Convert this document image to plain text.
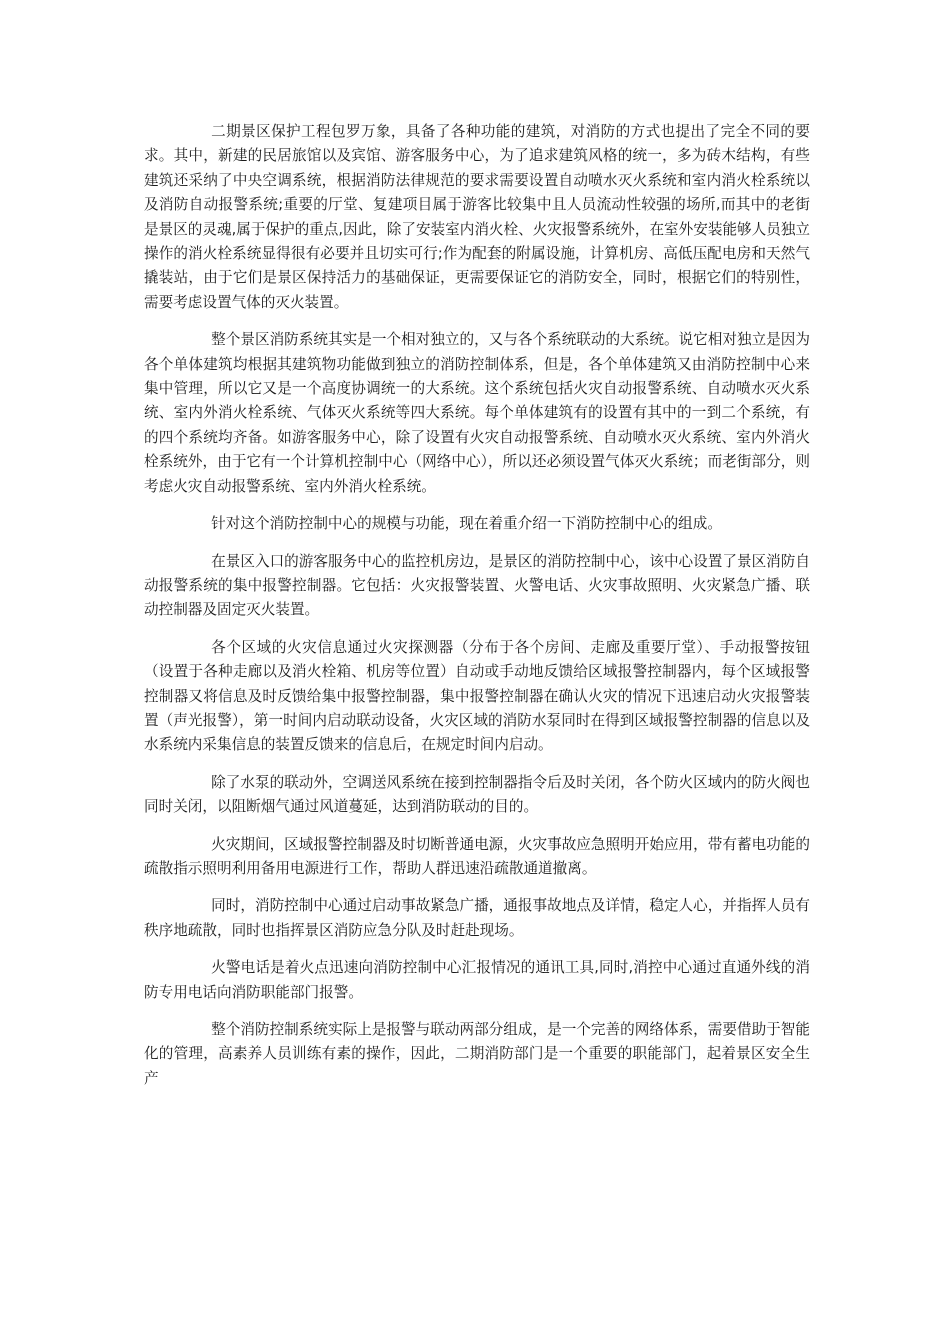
二期景区保护工程包罗万象，具备了各种功能的建筑，对消防的方式也提出了完全不同的要求。其中，新建的民居旅馆以及宾馆、游客服务中心，为了追求建筑风格的统一，多为砖木结构，有些建筑还采纳了中央空调系统，根据消防法律规范的要求需要设置自动喷水灭火系统和室内消火栓系统以及消防自动报警系统;重要的厅堂、复建项目属于游客比较集中且人员流动性较强的场所,而其中的老街是景区的灵魂,属于保护的重点,因此，除了安装室内消火栓、火灾报警系统外，在室外安装能够人员独立操作的消火栓系统显得很有必要并且切实可行;作为配套的附属设施，计算机房、高低压配电房和天然气撬装站，由于它们是景区保持活力的基础保证，更需要保证它的消防安全，同时，根据它们的特别性，需要考虑设置气体的灭火装置。

整个景区消防系统其实是一个相对独立的，又与各个系统联动的大系统。说它相对独立是因为各个单体建筑均根据其建筑物功能做到独立的消防控制体系，但是，各个单体建筑又由消防控制中心来集中管理，所以它又是一个高度协调统一的大系统。这个系统包括火灾自动报警系统、自动喷水灭火系统、室内外消火栓系统、气体灭火系统等四大系统。每个单体建筑有的设置有其中的一到二个系统，有的四个系统均齐备。如游客服务中心，除了设置有火灾自动报警系统、自动喷水灭火系统、室内外消火栓系统外，由于它有一个计算机控制中心（网络中心），所以还必须设置气体灭火系统；而老街部分，则考虑火灾自动报警系统、室内外消火栓系统。

针对这个消防控制中心的规模与功能，现在着重介绍一下消防控制中心的组成。

在景区入口的游客服务中心的监控机房边，是景区的消防控制中心，该中心设置了景区消防自动报警系统的集中报警控制器。它包括：火灾报警装置、火警电话、火灾事故照明、火灾紧急广播、联动控制器及固定灭火装置。

各个区域的火灾信息通过火灾探测器（分布于各个房间、走廊及重要厅堂）、手动报警按钮（设置于各种走廊以及消火栓箱、机房等位置）自动或手动地反馈给区域报警控制器内，每个区域报警控制器又将信息及时反馈给集中报警控制器，集中报警控制器在确认火灾的情况下迅速启动火灾报警装置（声光报警），第一时间内启动联动设备，火灾区域的消防水泵同时在得到区域报警控制器的信息以及水系统内采集信息的装置反馈来的信息后，在规定时间内启动。

除了水泵的联动外，空调送风系统在接到控制器指令后及时关闭，各个防火区域内的防火阀也同时关闭，以阻断烟气通过风道蔓延，达到消防联动的目的。

火灾期间，区域报警控制器及时切断普通电源，火灾事故应急照明开始应用，带有蓄电功能的疏散指示照明利用备用电源进行工作，帮助人群迅速沿疏散通道撤离。

同时，消防控制中心通过启动事故紧急广播，通报事故地点及详情，稳定人心，并指挥人员有秩序地疏散，同时也指挥景区消防应急分队及时赶赴现场。

火警电话是着火点迅速向消防控制中心汇报情况的通讯工具,同时,消控中心通过直通外线的消防专用电话向消防职能部门报警。

整个消防控制系统实际上是报警与联动两部分组成，是一个完善的网络体系，需要借助于智能化的管理，高素养人员训练有素的操作，因此，二期消防部门是一个重要的职能部门，起着景区安全生产
